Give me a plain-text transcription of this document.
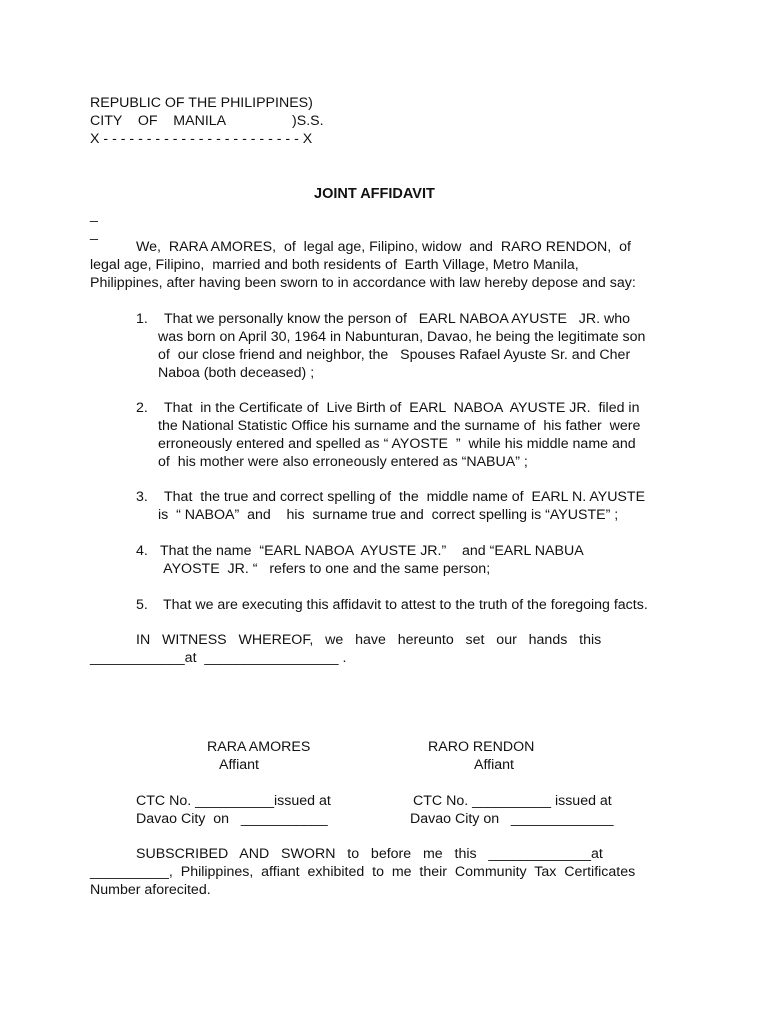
REPUBLIC OF THE PHILIPPINES)
CITY    OF    MANILA	)S.S.
X - - - - - - - - - - - - - - - - - - - - - - - X
JOINT AFFIDAVIT
_
_
We,  RARA AMORES,  of  legal age, Filipino, widow  and  RARO RENDON,  of
legal age, Filipino,  married and both residents of  Earth Village, Metro Manila,
Philippines, after having been sworn to in accordance with law hereby depose and say:
1. That we personally know the person of   EARL NABOA AYUSTE   JR. who
was born on April 30, 1964 in Nabunturan, Davao, he being the legitimate son
of  our close friend and neighbor, the   Spouses Rafael Ayuste Sr. and Cher
Naboa (both deceased) ;
2. That  in the Certificate of  Live Birth of  EARL  NABOA  AYUSTE JR.  filed in
the National Statistic Office his surname and the surname of  his father  were
erroneously entered and spelled as “ AYOSTE  ”  while his middle name and
of  his mother were also erroneously entered as “NABUA” ;
3. That  the true and correct spelling of  the  middle name of  EARL N. AYUSTE
is  “ NABOA”  and    his  surname true and  correct spelling is “AYUSTE” ;
4. That the name  “EARL NABOA  AYUSTE JR.”    and “EARL NABUA
AYOSTE  JR. “   refers to one and the same person;
5. That we are executing this affidavit to attest to the truth of the foregoing facts.
IN   WITNESS   WHEREOF,   we   have   hereunto   set   our   hands   this
____________at  _________________ .
RARA AMORES
Affiant
RARO RENDON
Affiant
CTC No. __________issued at
Davao City  on   ___________
CTC No. __________ issued at
Davao City on   _____________
SUBSCRIBED   AND   SWORN   to   before   me   this   _____________at
__________,  Philippines,  affiant  exhibited  to  me  their  Community  Tax  Certificates
Number aforecited.
